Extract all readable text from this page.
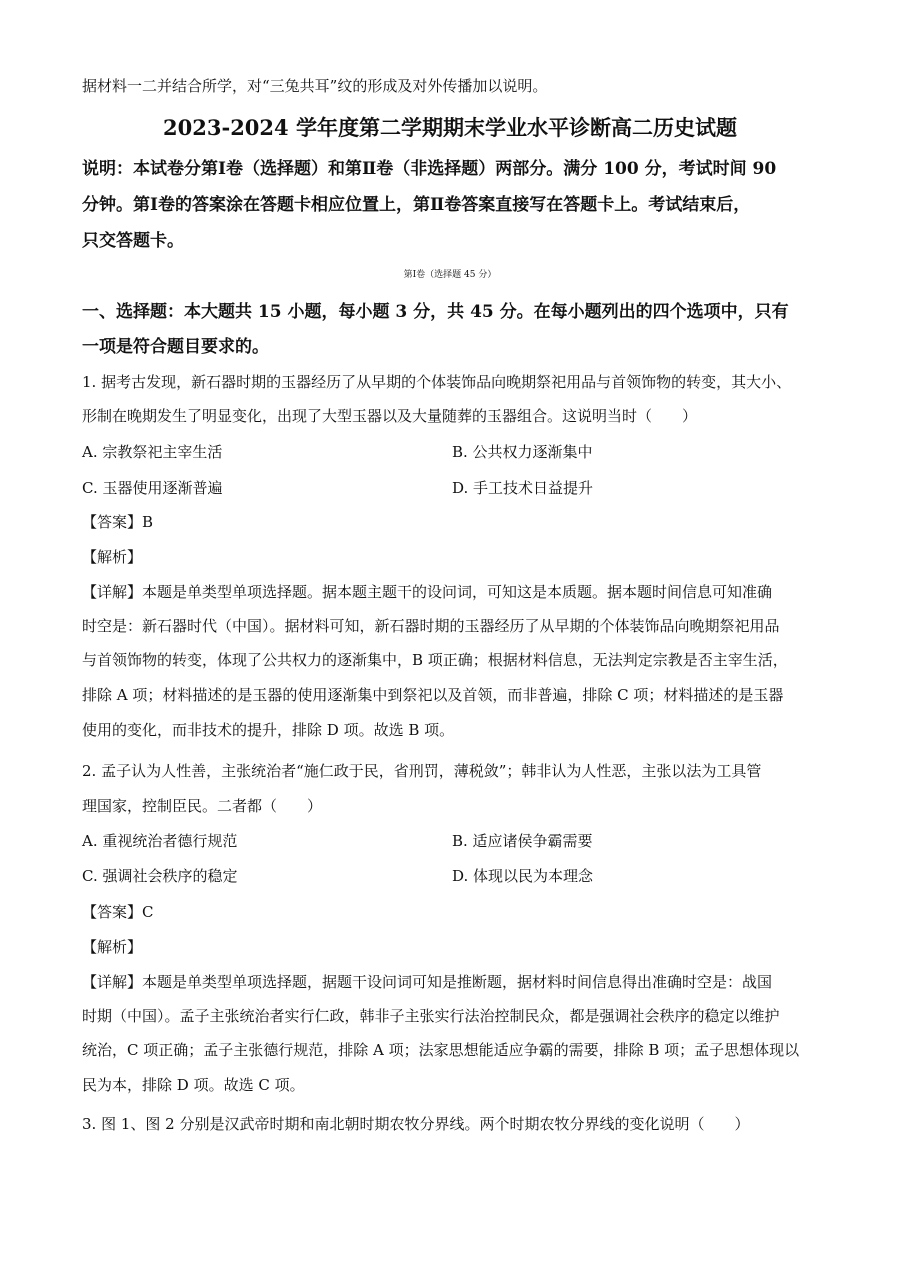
据材料一二并结合所学，对“三兔共耳”纹的形成及对外传播加以说明。
2023-2024 学年度第二学期期末学业水平诊断高二历史试题
说明：本试卷分第Ⅰ卷（选择题）和第Ⅱ卷（非选择题）两部分。满分 100 分，考试时间 90
分钟。第Ⅰ卷的答案涂在答题卡相应位置上，第Ⅱ卷答案直接写在答题卡上。考试结束后，
只交答题卡。
第Ⅰ卷（选择题 45 分）
一、选择题：本大题共 15 小题，每小题 3 分，共 45 分。在每小题列出的四个选项中，只有
一项是符合题目要求的。
1. 据考古发现，新石器时期的玉器经历了从早期的个体装饰品向晚期祭祀用品与首领饰物的转变，其大小、
形制在晚期发生了明显变化，出现了大型玉器以及大量随葬的玉器组合。这说明当时（　　）
A. 宗教祭祀主宰生活	B. 公共权力逐渐集中
C. 玉器使用逐渐普遍	D. 手工技术日益提升
【答案】B
【解析】
【详解】本题是单类型单项选择题。据本题主题干的设问词，可知这是本质题。据本题时间信息可知准确
时空是：新石器时代（中国）。据材料可知，新石器时期的玉器经历了从早期的个体装饰品向晚期祭祀用品
与首领饰物的转变，体现了公共权力的逐渐集中，B 项正确；根据材料信息，无法判定宗教是否主宰生活，
排除 A 项；材料描述的是玉器的使用逐渐集中到祭祀以及首领，而非普遍，排除 C 项；材料描述的是玉器
使用的变化，而非技术的提升，排除 D 项。故选 B 项。
2. 孟子认为人性善，主张统治者“施仁政于民，省刑罚，薄税敛”；韩非认为人性恶，主张以法为工具管
理国家，控制臣民。二者都（　　）
A. 重视统治者德行规范	B. 适应诸侯争霸需要
C. 强调社会秩序的稳定	D. 体现以民为本理念
【答案】C
【解析】
【详解】本题是单类型单项选择题，据题干设问词可知是推断题，据材料时间信息得出准确时空是：战国
时期（中国）。孟子主张统治者实行仁政，韩非子主张实行法治控制民众，都是强调社会秩序的稳定以维护
统治，C 项正确；孟子主张德行规范，排除 A 项；法家思想能适应争霸的需要，排除 B 项；孟子思想体现以
民为本，排除 D 项。故选 C 项。
3. 图 1、图 2 分别是汉武帝时期和南北朝时期农牧分界线。两个时期农牧分界线的变化说明（　　）
